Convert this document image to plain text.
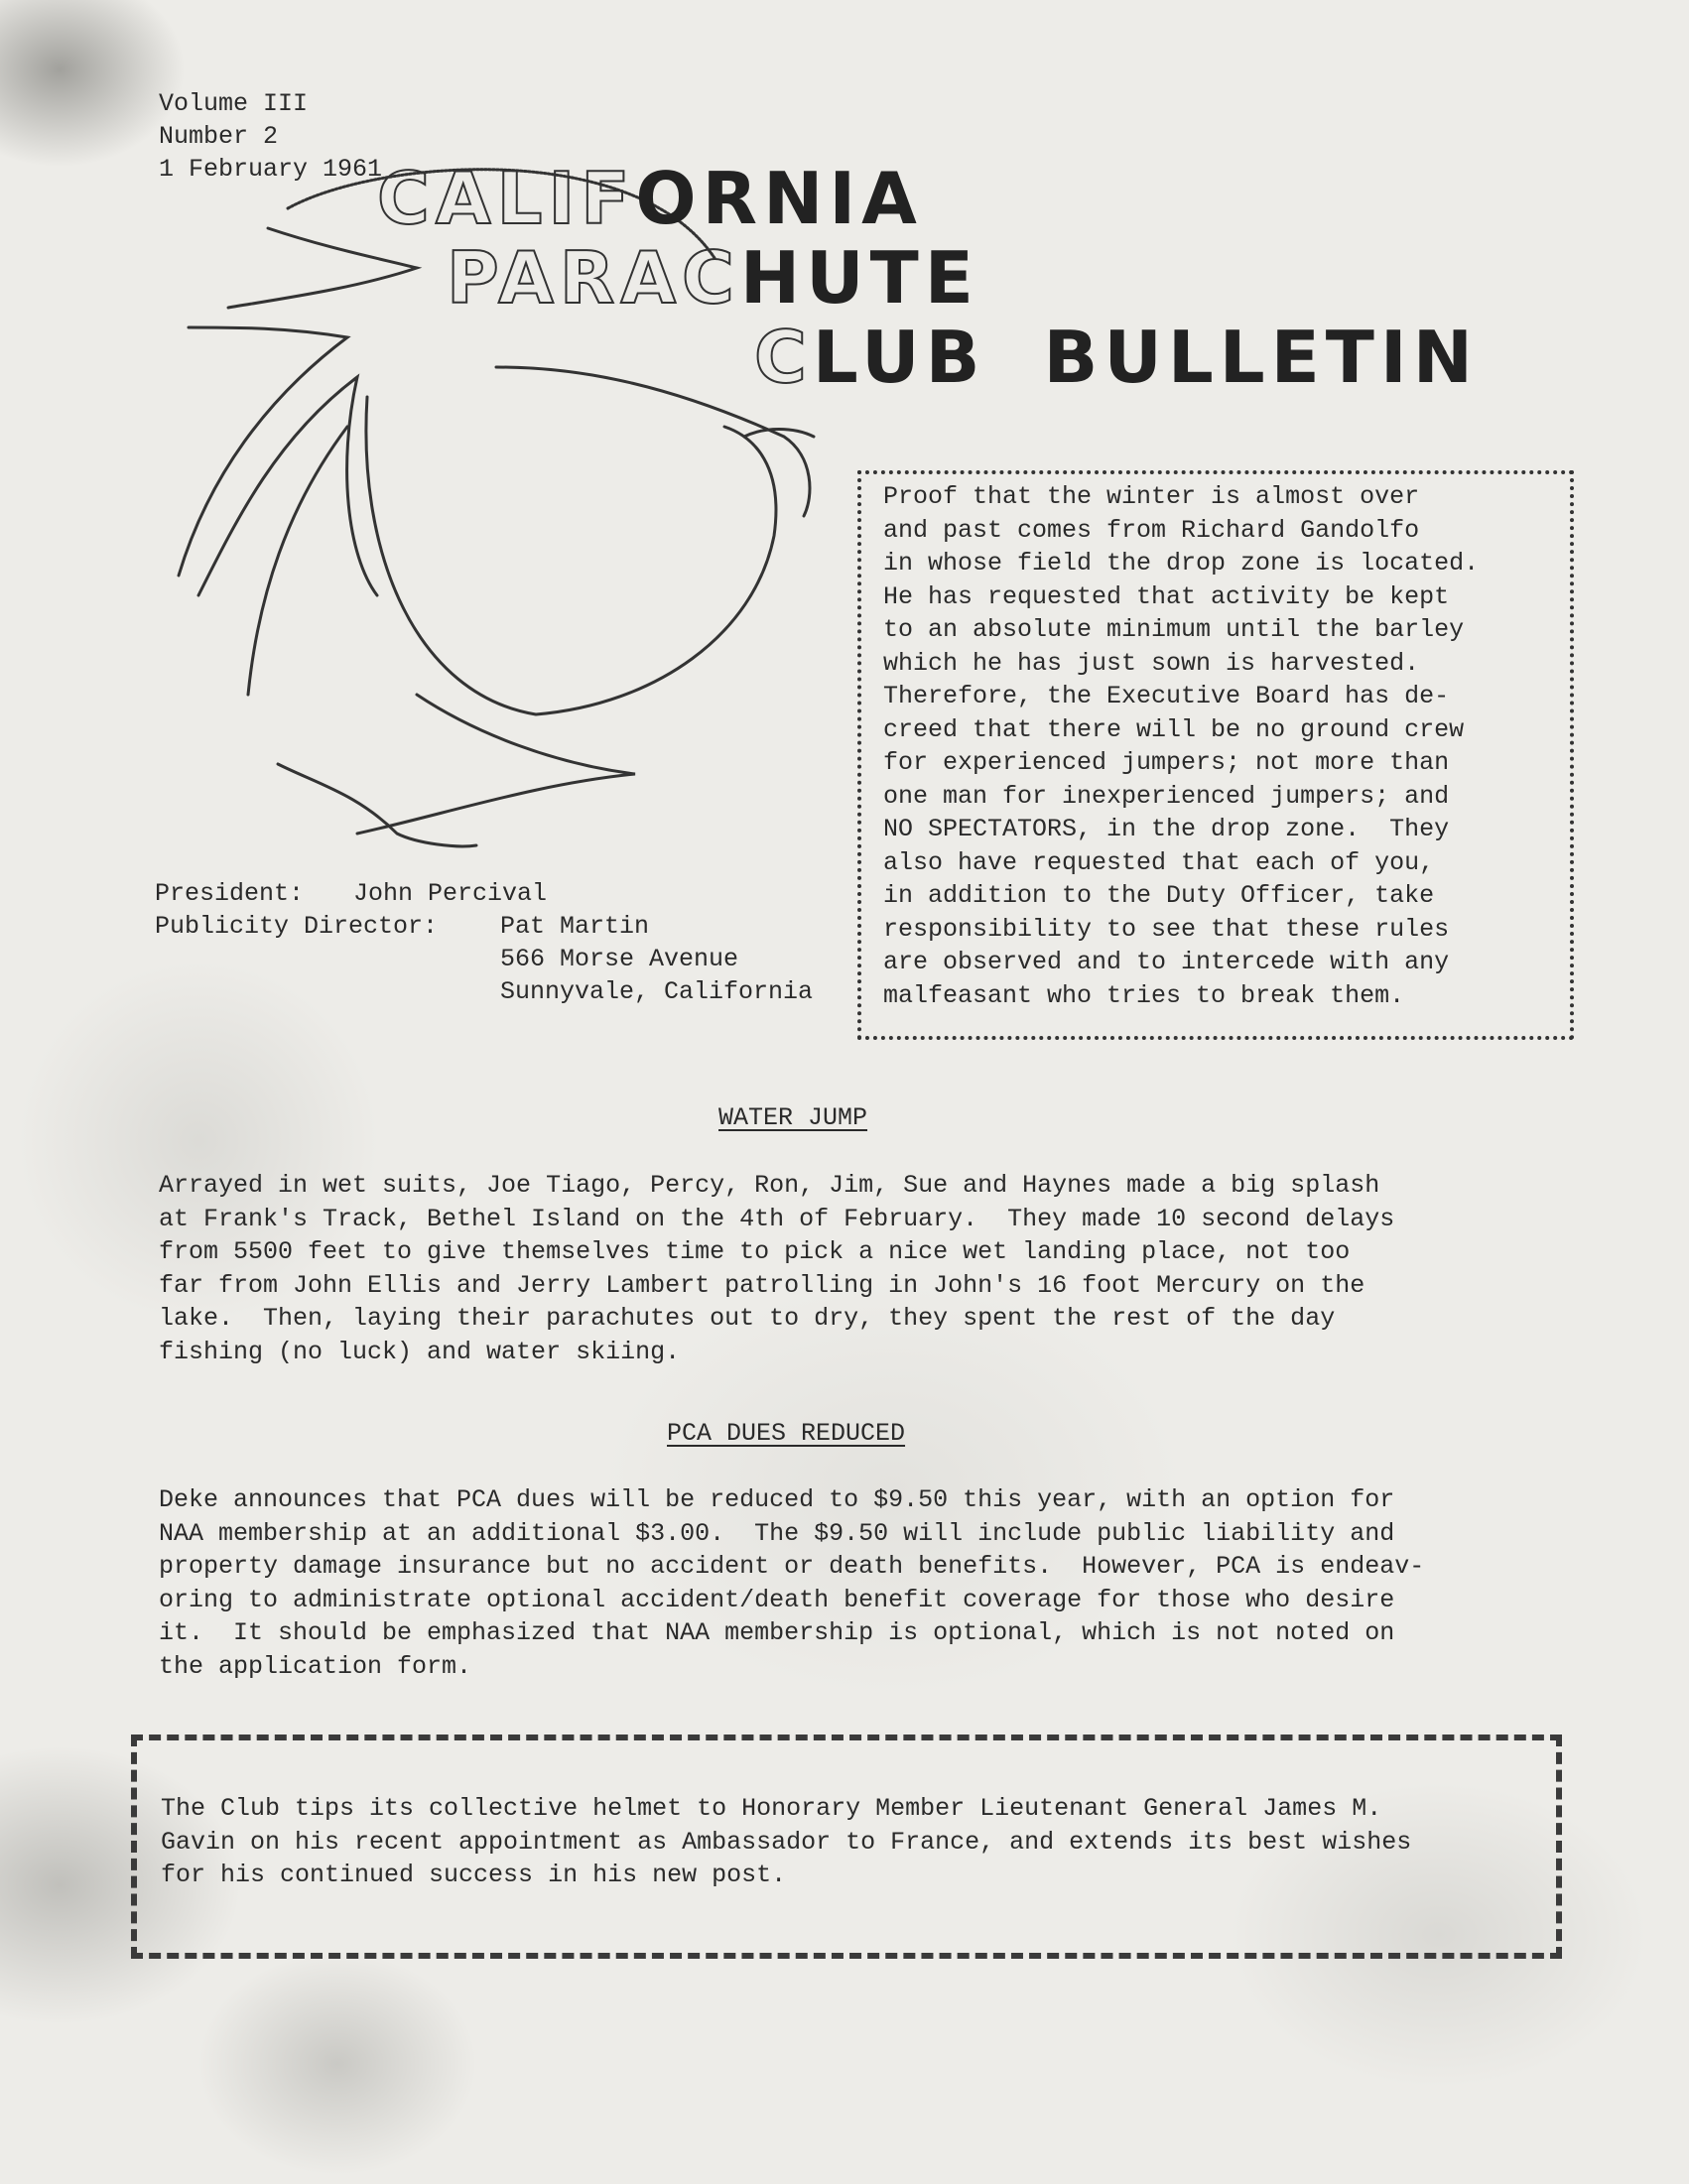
Volume III
Number 2
1 February 1961
CALIFORNIA
PARACHUTE
CLUB BULLETIN
President: John Percival
Publicity Director:	Pat Martin
566 Morse Avenue
Sunnyvale, California
Proof that the winter is almost over
and past comes from Richard Gandolfo
in whose field the drop zone is located.
He has requested that activity be kept
to an absolute minimum until the barley
which he has just sown is harvested.
Therefore, the Executive Board has de-
creed that there will be no ground crew
for experienced jumpers; not more than
one man for inexperienced jumpers; and
NO SPECTATORS, in the drop zone.  They
also have requested that each of you,
in addition to the Duty Officer, take
responsibility to see that these rules
are observed and to intercede with any
malfeasant who tries to break them.
WATER JUMP
Arrayed in wet suits, Joe Tiago, Percy, Ron, Jim, Sue and Haynes made a big splash
at Frank's Track, Bethel Island on the 4th of February.  They made 10 second delays
from 5500 feet to give themselves time to pick a nice wet landing place, not too
far from John Ellis and Jerry Lambert patrolling in John's 16 foot Mercury on the
lake.  Then, laying their parachutes out to dry, they spent the rest of the day
fishing (no luck) and water skiing.
PCA DUES REDUCED
Deke announces that PCA dues will be reduced to $9.50 this year, with an option for
NAA membership at an additional $3.00.  The $9.50 will include public liability and
property damage insurance but no accident or death benefits.  However, PCA is endeav-
oring to administrate optional accident/death benefit coverage for those who desire
it.  It should be emphasized that NAA membership is optional, which is not noted on
the application form.
The Club tips its collective helmet to Honorary Member Lieutenant General James M.
Gavin on his recent appointment as Ambassador to France, and extends its best wishes
for his continued success in his new post.
